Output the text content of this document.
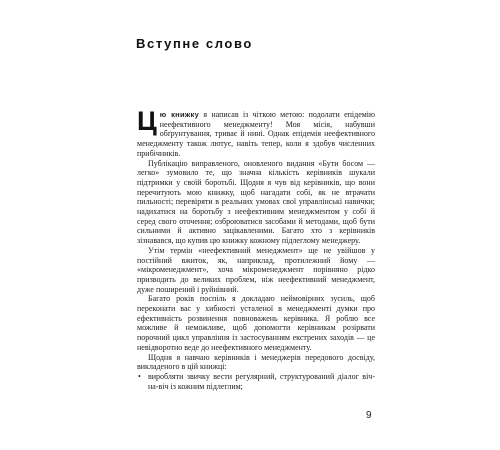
Вступне слово

Цю книжку я написав із чіткою метою: подолати епідемію неефективного менеджменту! Моя місія, набувши обґрунтування, триває й нині. Однак епідемія неефективного менеджменту також лютує, навіть тепер, коли я здобув численних прибічників.

Публікацію виправленого, оновленого видання «Бути босом — легко» зумовило те, що значна кількість керівників шукали підтримки у своїй боротьбі. Щодня я чув від керівників, що вони перечитують мою книжку, щоб нагадати собі, як не втрачати пильності; перевіряти в реальних умовах свої управлінські навички; надихатися на боротьбу з неефективним менеджментом у собі й серед свого оточення; озброюватися засобами й методами, щоб бути сильними й активно зацікавленими. Багато хто з керівників зізнавався, що купив цю книжку кожному підлеглому менеджеру.

Утім термін «неефективний менеджмент» ще не увійшов у постійний вжиток, як, наприклад, протилежний йому — «мікроменеджмент», хоча мікроменеджмент порівняно рідко призводить до великих проблем, ніж неефективний менеджмент, дуже поширений і руйнівний.

Багато років поспіль я докладаю неймовірних зусиль, щоб переконати вас у хибності усталеної в менеджменті думки про ефективність розвинення повноважень керівника. Я роблю все можливе й неможливе, щоб допомогти керівникам розірвати порочний цикл управління із застосуванням екстрених заходів — це невідворотно веде до неефективного менеджменту.

Щодня я навчаю керівників і менеджерів передового досвіду, викладеного в цій книжці:

• виробляти звичку вести регулярний, структурований діалог віч-на-віч із кожним підлеглим;
9
